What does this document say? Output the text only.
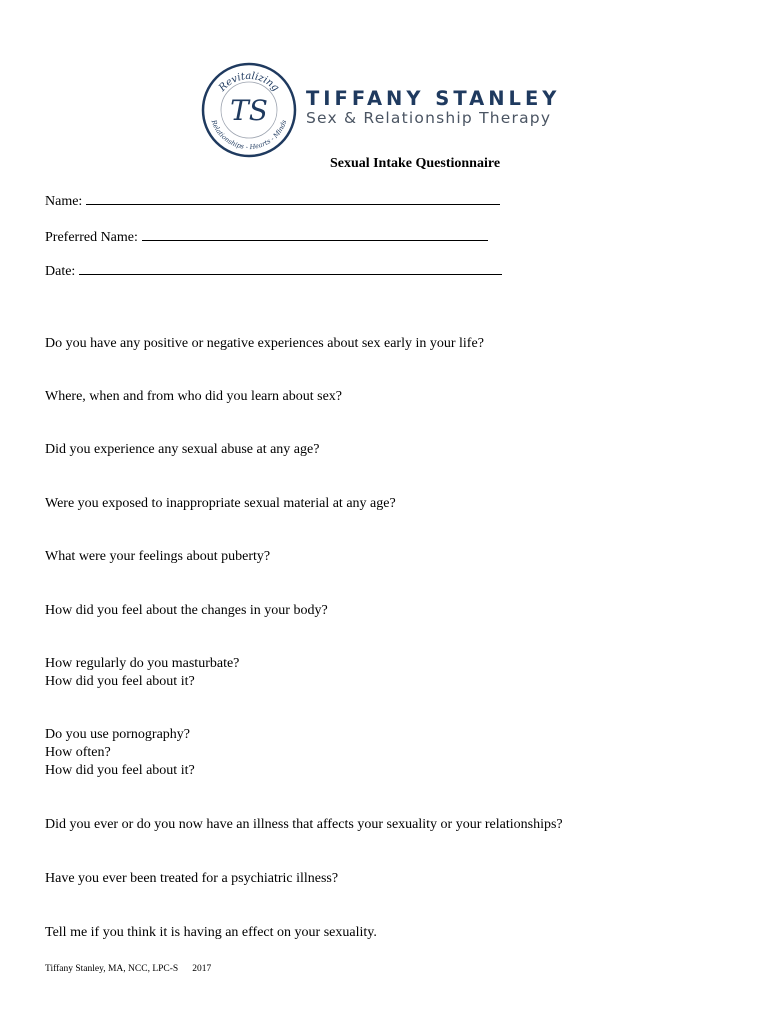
Revitalizing
Relationships - Hearts - Minds
TS TIFFANY STANLEY
Sex & Relationship Therapy
Sexual Intake Questionnaire
Name:
Preferred Name:
Date:
Do you have any positive or negative experiences about sex early in your life?
Where, when and from who did you learn about sex?
Did you experience any sexual abuse at any age?
Were you exposed to inappropriate sexual material at any age?
What were your feelings about puberty?
How did you feel about the changes in your body?
How regularly do you masturbate?
How did you feel about it?
Do you use pornography?
How often?
How did you feel about it?
Did you ever or do you now have an illness that affects your sexuality or your relationships?
Have you ever been treated for a psychiatric illness?
Tell me if you think it is having an effect on your sexuality.
Tiffany Stanley, MA, NCC, LPC-S 2017
